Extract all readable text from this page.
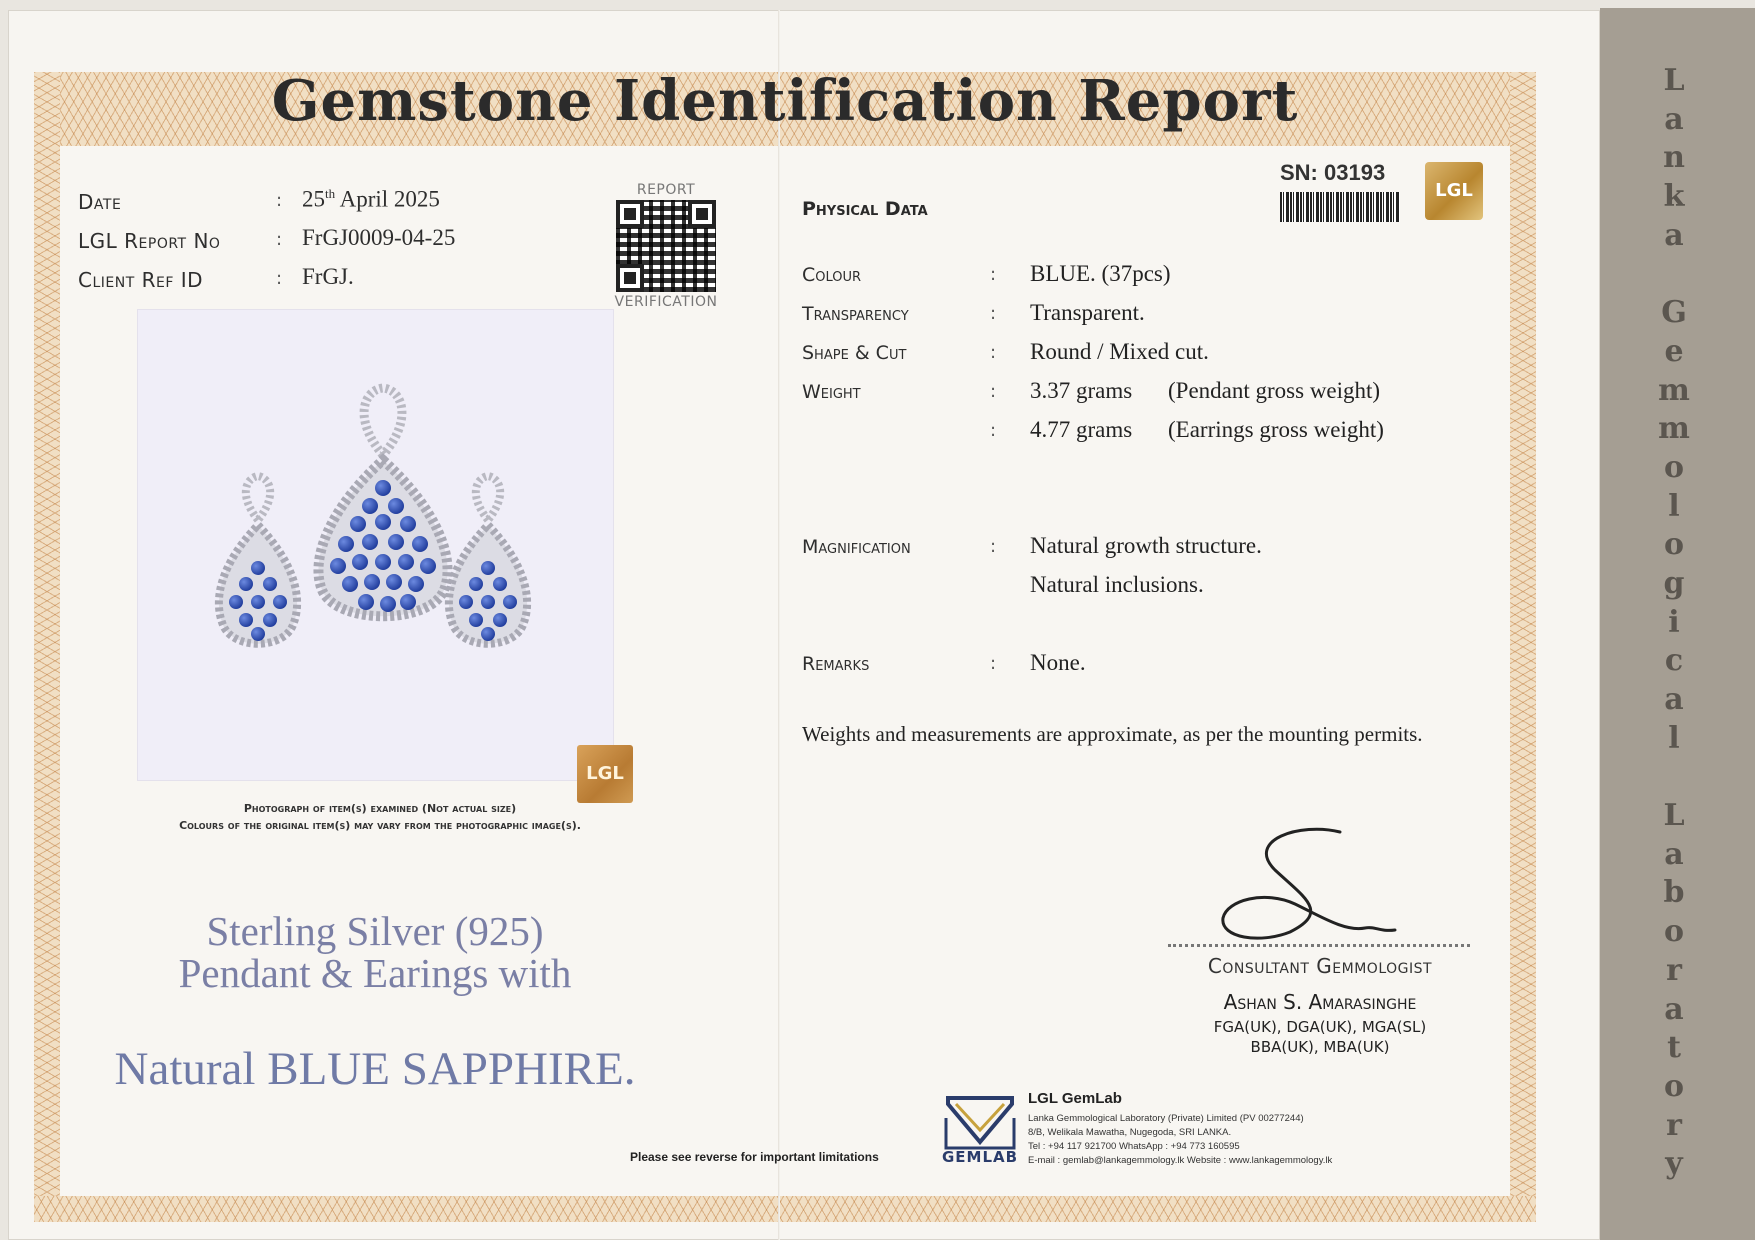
L
a
n
k
a

G
e
m
m
o
l
o
g
i
c
a
l

L
a
b
o
r
a
t
o
r
y
Gemstone Identification Report
Date	: 25th April 2025
LGL Report No	: FrGJ0009-04-25
Client Ref ID	: FrGJ.
REPORT
VERIFICATION
LGL
Photograph of item(s) examined (Not actual size)
Colours of the original item(s) may vary from the photographic image(s).
Sterling Silver (925)
Pendant & Earings with
Natural BLUE SAPPHIRE.
Physical Data
SN: 03193
LGL
Colour	: BLUE. (37pcs)
Transparency	: Transparent.
Shape & Cut	: Round / Mixed cut.
Weight	: 3.37 grams (Pendant gross weight)
: 4.77 grams (Earrings gross weight)
Magnification	: Natural growth structure.
Natural inclusions.
Remarks	: None.
Weights and measurements are approximate, as per the mounting permits.
Consultant Gemmologist
Ashan S. Amarasinghe
FGA(UK), DGA(UK), MGA(SL)
BBA(UK), MBA(UK)
Please see reverse for important limitations	GEMLAB
LGL GemLab
Lanka Gemmological Laboratory (Private) Limited (PV 00277244)
8/B, Welikala Mawatha, Nugegoda, SRI LANKA.
Tel : +94 117 921700 WhatsApp : +94 773 160595
E-mail : gemlab@lankagemmology.lk Website : www.lankagemmology.lk
